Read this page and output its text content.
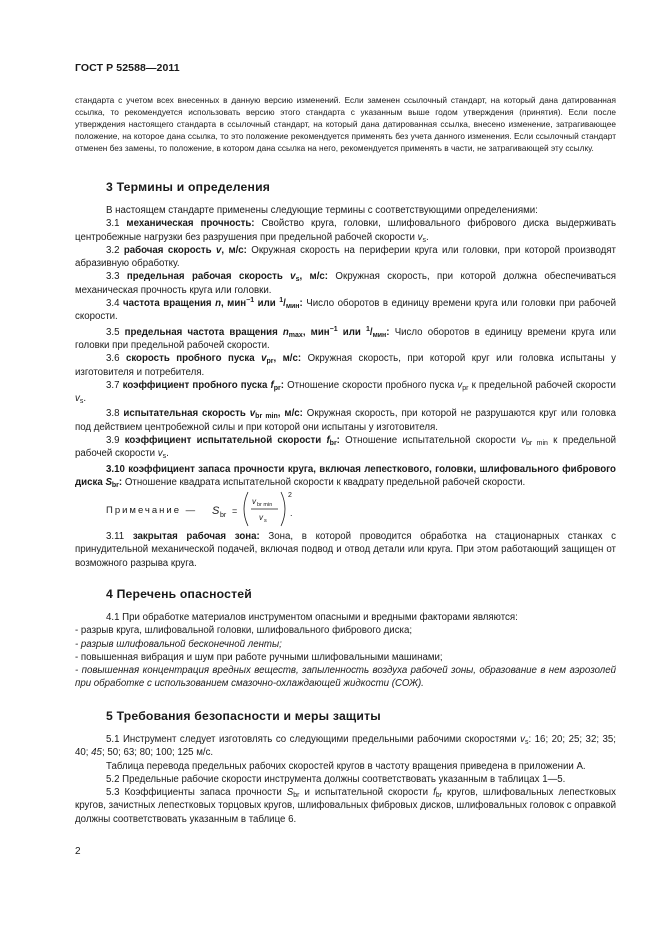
ГОСТ Р 52588—2011
стандарта с учетом всех внесенных в данную версию изменений. Если заменен ссылочный стандарт, на который дана датированная ссылка, то рекомендуется использовать версию этого стандарта с указанным выше годом утверждения (принятия). Если после утверждения настоящего стандарта в ссылочный стандарт, на который дана датированная ссылка, внесено изменение, затрагивающее положение, на которое дана ссылка, то это положение рекомендуется применять без учета данного изменения. Если ссылочный стандарт отменен без замены, то положение, в котором дана ссылка на него, рекомендуется применять в части, не затрагивающей эту ссылку.
3 Термины и определения

В настоящем стандарте применены следующие термины с соответствующими определениями:

3.1 механическая прочность: Свойство круга, головки, шлифовального фибрового диска выдерживать центробежные нагрузки без разрушения при предельной рабочей скорости $v_s$.

3.2 рабочая скорость v, м/с: Окружная скорость на периферии круга или головки, при которой производят абразивную обработку.

3.3 предельная рабочая скорость $v_s$, м/с: Окружная скорость, при которой должна обеспечиваться механическая прочность круга или головки.

3.4 частота вращения n, мин$^{-1}$ или $^1/_{мин}$: Число оборотов в единицу времени круга или головки при рабочей скорости.

3.5 предельная частота вращения $n_{max}$, мин$^{-1}$ или $^1/_{мин}$: Число оборотов в единицу времени круга или головки при предельной рабочей скорости.

3.6 скорость пробного пуска $v_{pr}$, м/с: Окружная скорость, при которой круг или головка испытаны у изготовителя и потребителя.

3.7 коэффициент пробного пуска $f_{pr}$: Отношение скорости пробного пуска $v_{pr}$ к предельной рабочей скорости $v_s$.

3.8 испытательная скорость $v_{br min}$, м/с: Окружная скорость, при которой не разрушаются круг или головка под действием центробежной силы и при которой они испытаны у изготовителя.

3.9 коэффициент испытательной скорости $f_{br}$: Отношение испытательной скорости $v_{br min}$ к предельной рабочей скорости $v_s$.

3.10 коэффициент запаса прочности круга, включая лепесткового, головки, шлифовального фибрового диска $S_{br}$: Отношение квадрата испытательной скорости к квадрату предельной рабочей скорости.

Примечание — S br =
v br min
v s
2
.

3.11 закрытая рабочая зона: Зона, в которой проводится обработка на стационарных станках с принудительной механической подачей, включая подвод и отвод детали или круга. При этом работающий защищен от возможного разрыва круга.

4 Перечень опасностей

4.1 При обработке материалов инструментом опасными и вредными факторами являются:

- разрыв круга, шлифовальной головки, шлифовального фибрового диска;

- разрыв шлифовальной бесконечной ленты;

- повышенная вибрация и шум при работе ручными шлифовальными машинами;

- повышенная концентрация вредных веществ, запыленность воздуха рабочей зоны, образование в нем аэрозолей при обработке с использованием смазочно-охлаждающей жидкости (СОЖ).

5 Требования безопасности и меры защиты

5.1 Инструмент следует изготовлять со следующими предельными рабочими скоростями $v_s$: 16; 20; 25; 32; 35; 40; 45; 50; 63; 80; 100; 125 м/с.

Таблица перевода предельных рабочих скоростей кругов в частоту вращения приведена в приложении А.

5.2 Предельные рабочие скорости инструмента должны соответствовать указанным в таблицах 1—5.

5.3 Коэффициенты запаса прочности $S_{br}$ и испытательной скорости $f_{br}$ кругов, шлифовальных лепестковых кругов, зачистных лепестковых торцовых кругов, шлифовальных фибровых дисков, шлифовальных головок с оправкой должны соответствовать указанным в таблице 6.

2
